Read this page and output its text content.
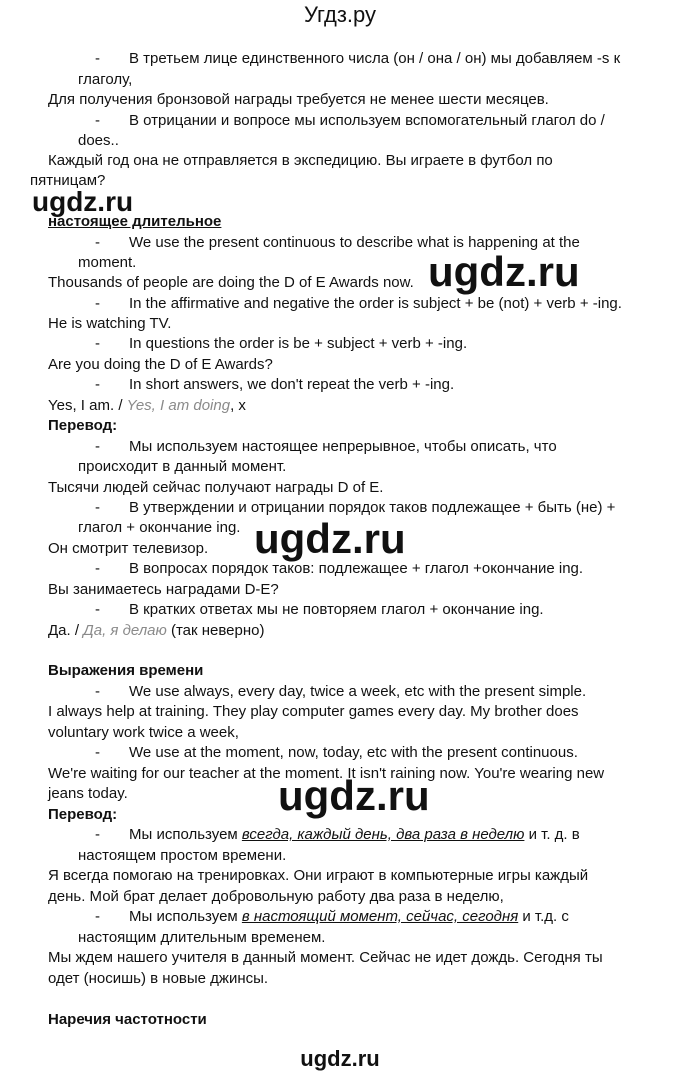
Угдз.ру
- В третьем лице единственного числа (он / она / он) мы добавляем -s к
глаголу,
Для получения бронзовой награды требуется не менее шести месяцев.
- В отрицании и вопросе мы используем вспомогательный глагол do /
does..
Каждый год она не отправляется в экспедицию. Вы играете в футбол по
пятницам?
ugdz.ru
настоящее длительное
- We use the present continuous to describe what is happening at the
moment.
Thousands of people are doing the D of E Awards now. ugdz.ru
- In the affirmative and negative the order is subject + be (not) + verb + -ing.
He is watching TV.
- In questions the order is be + subject + verb + -ing.
Are you doing the D of E Awards?
- In short answers, we don't repeat the verb + -ing.
Yes, I am. / Yes, I am doing, x
Перевод:
- Мы используем настоящее непрерывное, чтобы описать, что
происходит в данный момент.
Тысячи людей сейчас получают награды D of E.
- В утверждении и отрицании порядок таков подлежащее + быть (не) +
глагол + окончание ing.
Он смотрит телевизор. ugdz.ru
- В вопросах порядок таков: подлежащее + глагол +окончание ing.
Вы занимаетесь наградами D-E?
- В кратких ответах мы не повторяем глагол + окончание ing.
Да. / Да, я делаю (так неверно)
Выражения времени
- We use always, every day, twice a week, etc with the present simple.
I always help at training. They play computer games every day. My brother does
voluntary work twice a week,
- We use at the moment, now, today, etc with the present continuous.
We're waiting for our teacher at the moment. It isn't raining now. You're wearing new
jeans today.	ugdz.ru
Перевод:
- Мы используем всегда, каждый день, два раза в неделю и т. д. в
настоящем простом времени.
Я всегда помогаю на тренировках. Они играют в компьютерные игры каждый
день. Мой брат делает добровольную работу два раза в неделю,
- Мы используем в настоящий момент, сейчас, сегодня и т.д. с
настоящим длительным временем.
Мы ждем нашего учителя в данный момент. Сейчас не идет дождь. Сегодня ты
одет (носишь) в новые джинсы.
Наречия частотности
ugdz.ru
